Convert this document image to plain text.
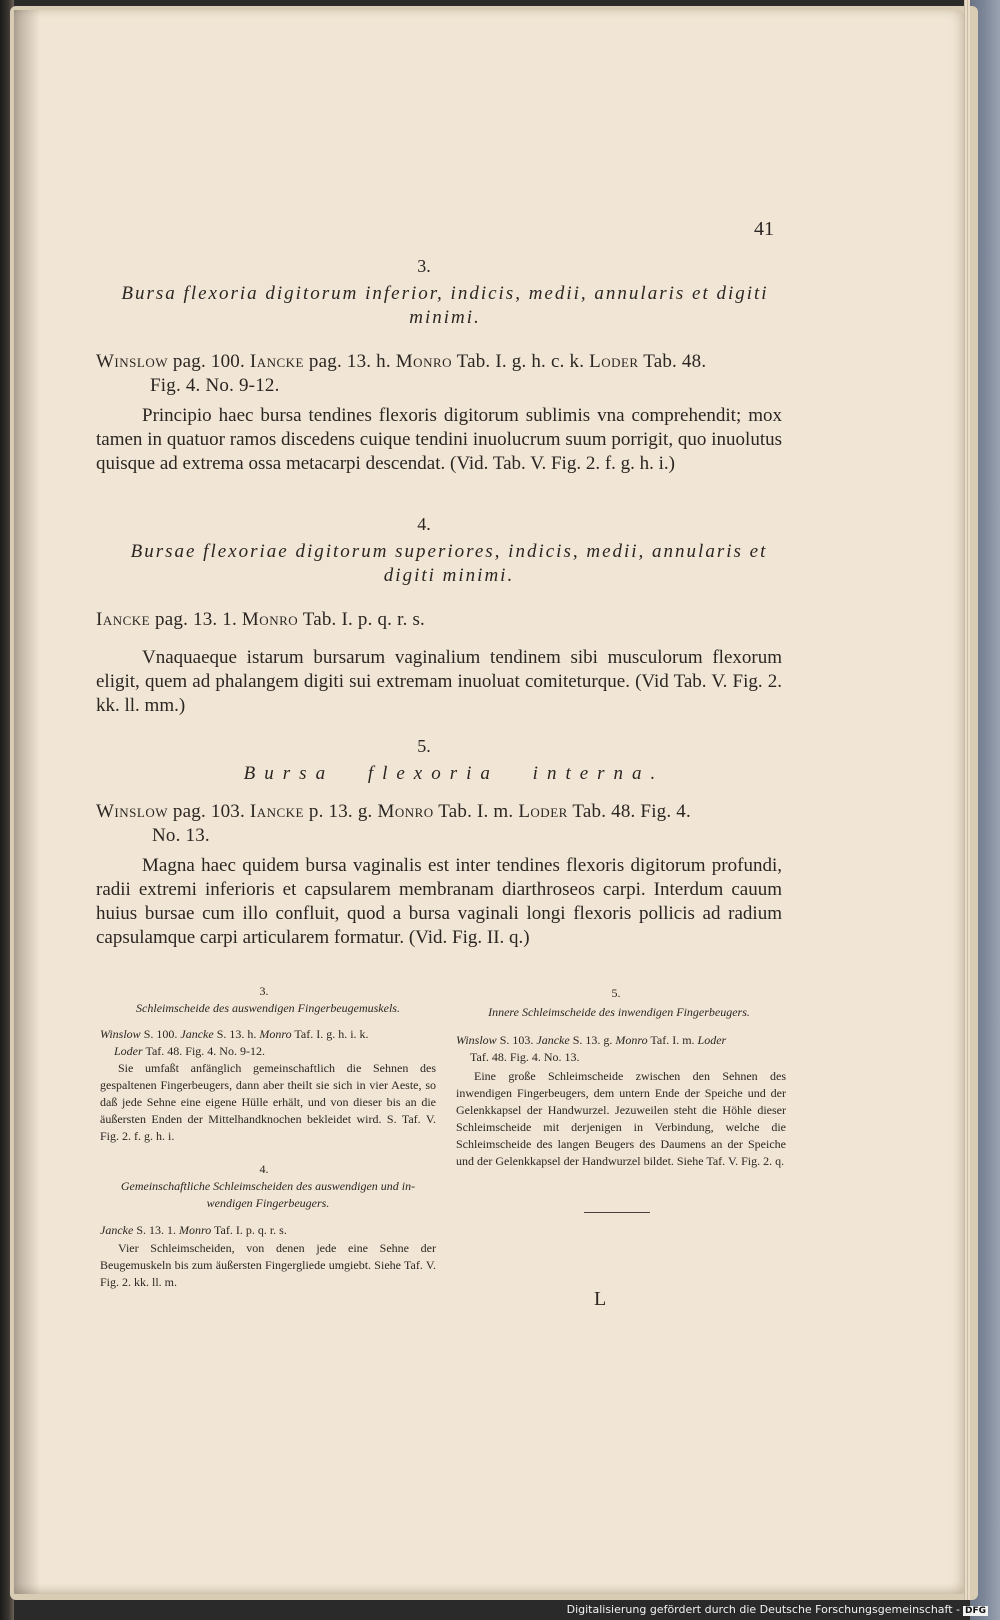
41
3.
Bursa flexoria digitorum inferior, indicis, medii, annularis et digiti
minimi.
Winslow pag. 100. Iancke pag. 13. h. Monro Tab. I. g. h. c. k. Loder Tab. 48.
Fig. 4. No. 9-12.
Principio haec bursa tendines flexoris digitorum sublimis vna comprehendit; mox tamen in quatuor ramos discedens cuique tendini inuolucrum suum porrigit, quo inuolutus quisque ad extrema ossa metacarpi descendat. (Vid. Tab. V. Fig. 2. f. g. h. i.)
4.
Bursae flexoriae digitorum superiores, indicis, medii, annularis et
digiti minimi.
Iancke pag. 13. 1. Monro Tab. I. p. q. r. s.
Vnaquaeque istarum bursarum vaginalium tendinem sibi musculorum flexorum eligit, quem ad phalangem digiti sui extremam inuoluat comiteturque. (Vid Tab. V. Fig. 2. kk. ll. mm.)
5.
Bursa flexoria interna.
Winslow pag. 103. Iancke p. 13. g. Monro Tab. I. m. Loder Tab. 48. Fig. 4.
No. 13.
Magna haec quidem bursa vaginalis est inter tendines flexoris digitorum profundi, radii extremi inferioris et capsularem membranam diarthroseos carpi. Interdum cauum huius bursae cum illo confluit, quod a bursa vaginali longi flexoris pollicis ad radium capsulamque carpi articularem formatur. (Vid. Fig. II. q.)
3.
Schleimscheide des auswendigen Fingerbeugemuskels.
Winslow S. 100. Jancke S. 13. h. Monro Taf. I. g. h. i. k.
Loder Taf. 48. Fig. 4. No. 9-12.
Sie umfaßt anfänglich gemeinschaftlich die Sehnen des gespaltenen Fingerbeugers, dann aber theilt sie sich in vier Aeste, so daß jede Sehne eine eigene Hülle erhält, und von dieser bis an die äußersten Enden der Mittelhandknochen bekleidet wird. S. Taf. V. Fig. 2. f. g. h. i.
4.
Gemeinschaftliche Schleimscheiden des auswendigen und in-
wendigen Fingerbeugers.
Jancke S. 13. 1. Monro Taf. I. p. q. r. s.
Vier Schleimscheiden, von denen jede eine Sehne der Beugemuskeln bis zum äußersten Fingergliede umgiebt. Siehe Taf. V. Fig. 2. kk. ll. m.
5.
Innere Schleimscheide des inwendigen Fingerbeugers.
Winslow S. 103. Jancke S. 13. g. Monro Taf. I. m. Loder
Taf. 48. Fig. 4. No. 13.
Eine große Schleimscheide zwischen den Sehnen des inwendigen Fingerbeugers, dem untern Ende der Speiche und der Gelenkkapsel der Handwurzel. Jezuweilen steht die Höhle dieser Schleimscheide mit derjenigen in Verbindung, welche die Schleimscheide des langen Beugers des Daumens an der Speiche und der Gelenkkapsel der Handwurzel bildet. Siehe Taf. V. Fig. 2. q.
L
Digitalisierung gefördert durch die Deutsche Forschungsgemeinschaft - DFG
